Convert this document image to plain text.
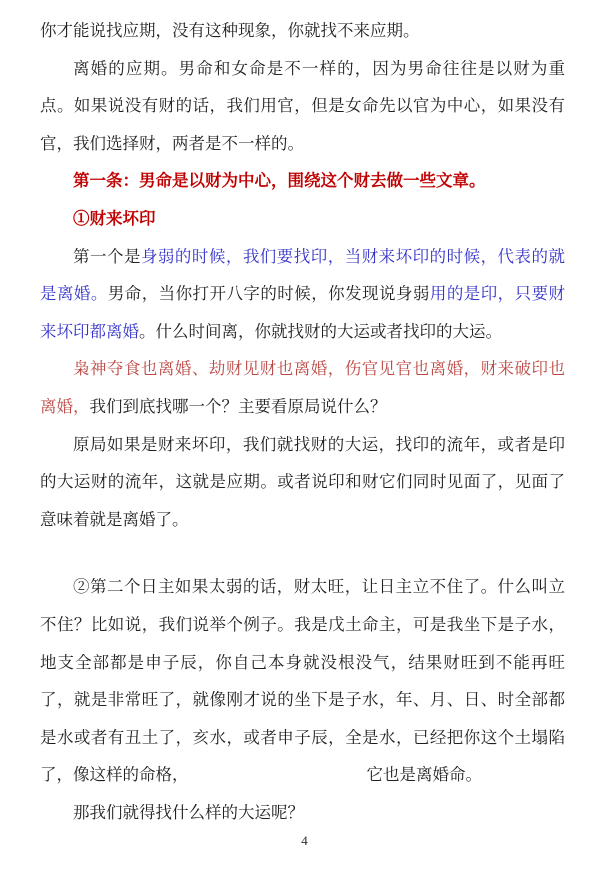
你才能说找应期，没有这种现象，你就找不来应期。

离婚的应期。男命和女命是不一样的，因为男命往往是以财为重点。如果说没有财的话，我们用官，但是女命先以官为中心，如果没有官，我们选择财，两者是不一样的。

第一条：男命是以财为中心，围绕这个财去做一些文章。

①财来坏印

第一个是身弱的时候，我们要找印，当财来坏印的时候，代表的就是离婚。男命，当你打开八字的时候，你发现说身弱用的是印，只要财来坏印都离婚。什么时间离，你就找财的大运或者找印的大运。

枭神夺食也离婚、劫财见财也离婚，伤官见官也离婚，财来破印也离婚，我们到底找哪一个？主要看原局说什么？

原局如果是财来坏印，我们就找财的大运，找印的流年，或者是印的大运财的流年，这就是应期。或者说印和财它们同时见面了，见面了意味着就是离婚了。

②第二个日主如果太弱的话，财太旺，让日主立不住了。什么叫立不住？比如说，我们说举个例子。我是戊土命主，可是我坐下是子水，地支全部都是申子辰，你自己本身就没根没气，结果财旺到不能再旺了，就是非常旺了，就像刚才说的坐下是子水，年、月、日、时全部都是水或者有丑土了，亥水，或者申子辰，全是水，已经把你这个土塌陷了，像这样的命格，	它也是离婚命。

那我们就得找什么样的大运呢？

4
